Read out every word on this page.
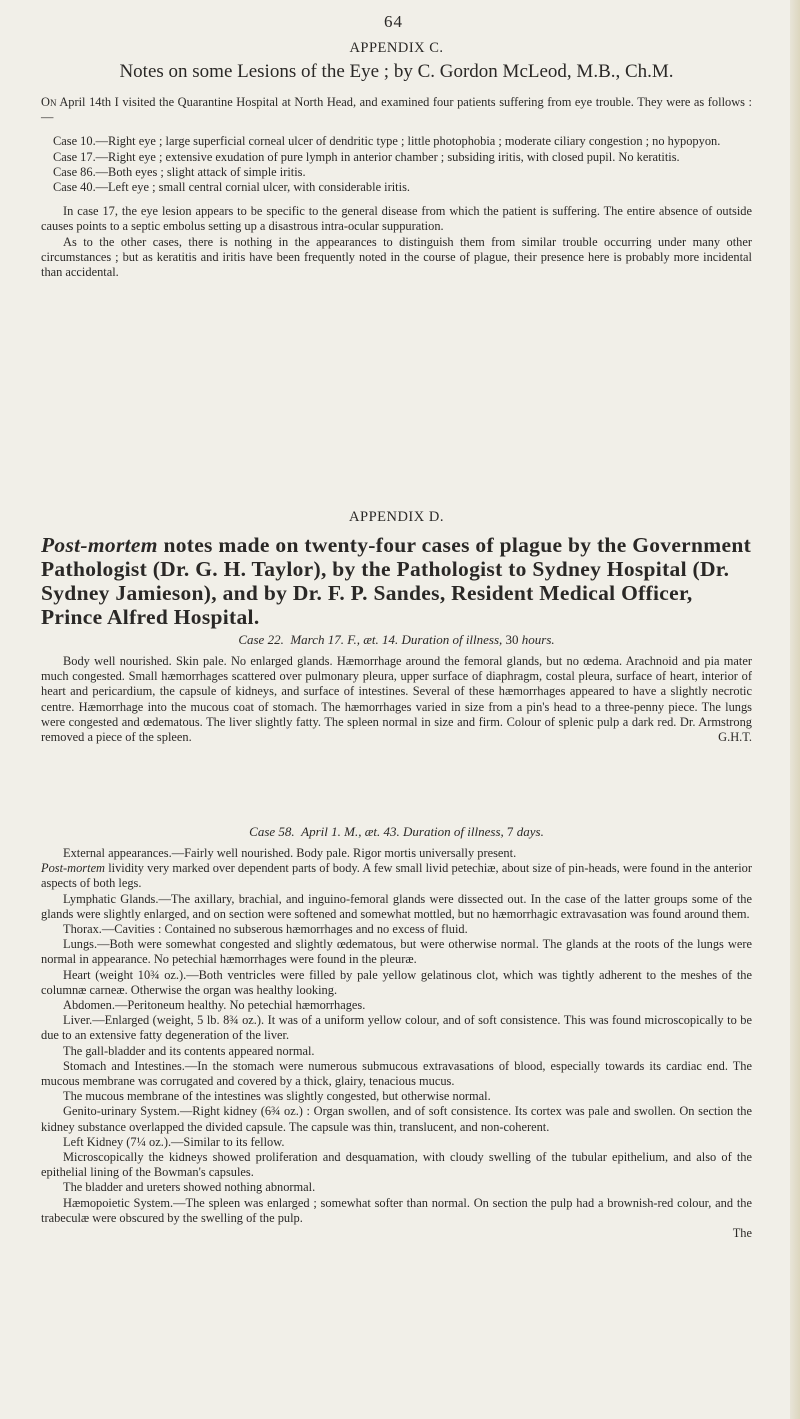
64
APPENDIX C.
Notes on some Lesions of the Eye ; by C. Gordon McLeod, M.B., Ch.M.

On April 14th I visited the Quarantine Hospital at North Head, and examined four patients suffering from eye trouble. They were as follows :—

Case 10.—Right eye ; large superficial corneal ulcer of dendritic type ; little photophobia ; moderate ciliary congestion ; no hypopyon.

Case 17.—Right eye ; extensive exudation of pure lymph in anterior chamber ; subsiding iritis, with closed pupil. No keratitis.

Case 86.—Both eyes ; slight attack of simple iritis.

Case 40.—Left eye ; small central cornial ulcer, with considerable iritis.

In case 17, the eye lesion appears to be specific to the general disease from which the patient is suffering. The entire absence of outside causes points to a septic embolus setting up a disastrous intra-ocular suppuration.

As to the other cases, there is nothing in the appearances to distinguish them from similar trouble occurring under many other circumstances ; but as keratitis and iritis have been frequently noted in the course of plague, their presence here is probably more incidental than accidental.

APPENDIX D.
Post-mortem notes made on twenty-four cases of plague by the Government Pathologist (Dr. G. H. Taylor), by the Pathologist to Sydney Hospital (Dr. Sydney Jamieson), and by Dr. F. P. Sandes, Resident Medical Officer, Prince Alfred Hospital.
Case 22. March 17. F., æt. 14. Duration of illness, 30 hours.

Body well nourished. Skin pale. No enlarged glands. Hæmorrhage around the femoral glands, but no œdema. Arachnoid and pia mater much congested. Small hæmorrhages scattered over pulmonary pleura, upper surface of diaphragm, costal pleura, surface of heart, interior of heart and pericardium, the capsule of kidneys, and surface of intestines. Several of these hæmorrhages appeared to have a slightly necrotic centre. Hæmorrhage into the mucous coat of stomach. The hæmorrhages varied in size from a pin's head to a three-penny piece. The lungs were congested and œdematous. The liver slightly fatty. The spleen normal in size and firm. Colour of splenic pulp a dark red. Dr. Armstrong removed a piece of the spleen.	G.H.T.

Case 58. April 1. M., æt. 43. Duration of illness, 7 days.

External appearances.—Fairly well nourished. Body pale. Rigor mortis universally present.

Post-mortem lividity very marked over dependent parts of body. A few small livid petechiæ, about size of pin-heads, were found in the anterior aspects of both legs.

Lymphatic Glands.—The axillary, brachial, and inguino-femoral glands were dissected out. In the case of the latter groups some of the glands were slightly enlarged, and on section were softened and somewhat mottled, but no hæmorrhagic extravasation was found around them.

Thorax.—Cavities : Contained no subserous hæmorrhages and no excess of fluid.

Lungs.—Both were somewhat congested and slightly œdematous, but were otherwise normal. The glands at the roots of the lungs were normal in appearance. No petechial hæmorrhages were found in the pleuræ.

Heart (weight 10¾ oz.).—Both ventricles were filled by pale yellow gelatinous clot, which was tightly adherent to the meshes of the columnæ carneæ. Otherwise the organ was healthy looking.

Abdomen.—Peritoneum healthy. No petechial hæmorrhages.

Liver.—Enlarged (weight, 5 lb. 8¾ oz.). It was of a uniform yellow colour, and of soft consistence. This was found microscopically to be due to an extensive fatty degeneration of the liver.

The gall-bladder and its contents appeared normal.

Stomach and Intestines.—In the stomach were numerous submucous extravasations of blood, especially towards its cardiac end. The mucous membrane was corrugated and covered by a thick, glairy, tenacious mucus.

The mucous membrane of the intestines was slightly congested, but otherwise normal.

Genito-urinary System.—Right kidney (6¾ oz.) : Organ swollen, and of soft consistence. Its cortex was pale and swollen. On section the kidney substance overlapped the divided capsule. The capsule was thin, translucent, and non-coherent.

Left Kidney (7¼ oz.).—Similar to its fellow.

Microscopically the kidneys showed proliferation and desquamation, with cloudy swelling of the tubular epithelium, and also of the epithelial lining of the Bowman's capsules.

The bladder and ureters showed nothing abnormal.

Hæmopoietic System.—The spleen was enlarged ; somewhat softer than normal. On section the pulp had a brownish-red colour, and the trabeculæ were obscured by the swelling of the pulp.

The
